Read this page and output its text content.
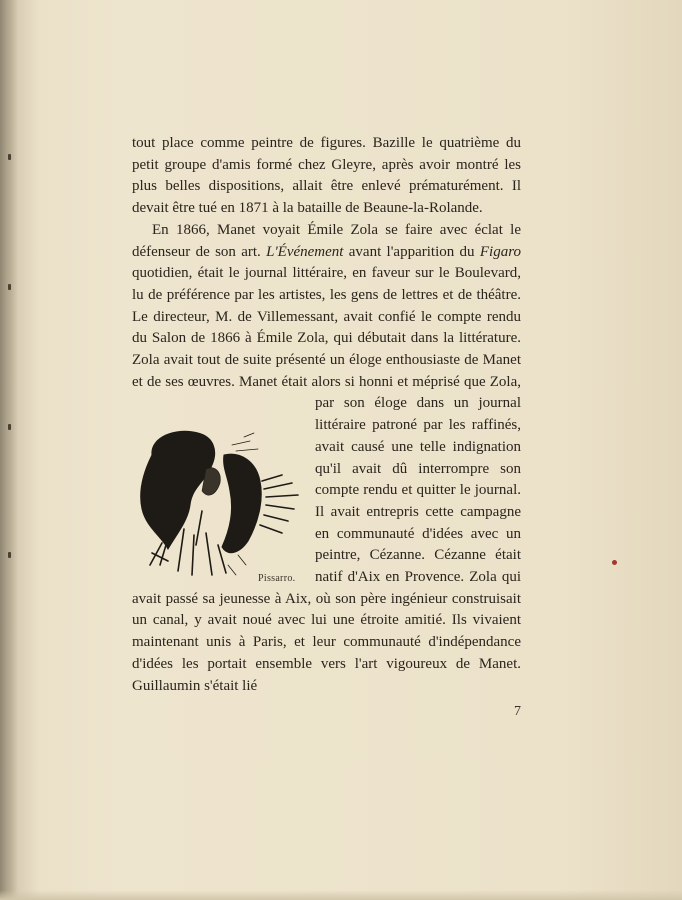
tout place comme peintre de figures. Bazille le quatrième du petit groupe d'amis formé chez Gleyre, après avoir montré les plus belles dispositions, allait être enlevé prématurément. Il devait être tué en 1871 à la bataille de Beaune-la-Rolande.

En 1866, Manet voyait Émile Zola se faire avec éclat le défenseur de son art. L'Événement avant l'apparition du Figaro quotidien, était le journal littéraire, en faveur sur le Boulevard, lu de préférence par les artistes, les gens de lettres et de théâtre. Le directeur, M. de Villemessant, avait confié le compte rendu du Salon de 1866 à Émile Zola, qui débutait dans la littérature. Zola avait tout de suite présenté un éloge enthousiaste de Manet et de ses œuvres. Manet était alors si honni et méprisé que Zola,
par son éloge dans un journal littéraire patroné par les raffinés, avait causé une telle indignation qu'il avait dû interrompre son compte rendu et quitter le journal. Il avait entrepris cette campagne en communauté d'idées avec un peintre, Cézanne. Cézanne était natif d'Aix en Provence. Zola qui avait passé sa jeunesse à Aix, où son père ingénieur construisait un canal, y avait noué avec lui une étroite amitié. Ils vivaient maintenant unis à Paris, et leur communauté d'indépendance d'idées les portait ensemble vers l'art vigoureux de Manet. Guillaumin s'était lié

Pissarro.
7
